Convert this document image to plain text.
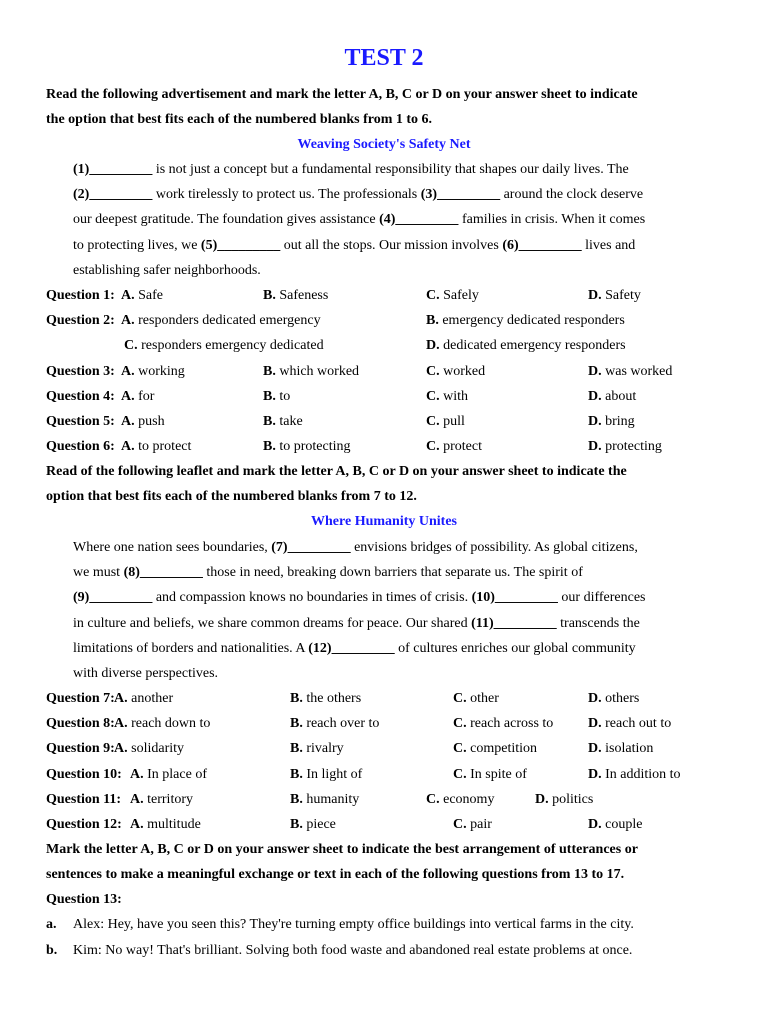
TEST 2
Read the following advertisement and mark the letter A, B, C or D on your answer sheet to indicate
the option that best fits each of the numbered blanks from 1 to 6.
Weaving Society's Safety Net
(1)_________ is not just a concept but a fundamental responsibility that shapes our daily lives. The
(2)_________ work tirelessly to protect us. The professionals (3)_________ around the clock deserve
our deepest gratitude. The foundation gives assistance (4)_________ families in crisis. When it comes
to protecting lives, we (5)_________ out all the stops. Our mission involves (6)_________ lives and
establishing safer neighborhoods.
Question 1: A. Safe	B. Safeness	C. Safely	D. Safety
Question 2: A. responders dedicated emergency	B. emergency dedicated responders
C. responders emergency dedicated	D. dedicated emergency responders
Question 3: A. working	B. which worked	C. worked	D. was worked
Question 4: A. for	B. to	C. with	D. about
Question 5: A. push	B. take	C. pull	D. bring
Question 6: A. to protect	B. to protecting	C. protect	D. protecting
Read of the following leaflet and mark the letter A, B, C or D on your answer sheet to indicate the
option that best fits each of the numbered blanks from 7 to 12.
Where Humanity Unites
Where one nation sees boundaries, (7)_________ envisions bridges of possibility. As global citizens,
we must (8)_________ those in need, breaking down barriers that separate us. The spirit of
(9)_________ and compassion knows no boundaries in times of crisis. (10)_________ our differences
in culture and beliefs, we share common dreams for peace. Our shared (11)_________ transcends the
limitations of borders and nationalities. A (12)_________ of cultures enriches our global community
with diverse perspectives.
Question 7: A. another	B. the others	C. other	D. others
Question 8: A. reach down to	B. reach over to	C. reach across to D. reach out to
Question 9: A. solidarity	B. rivalry	C. competition	D. isolation
Question 10: A. In place of	B. In light of	C. In spite of	D. In addition to
Question 11: A. territory	B. humanity	C. economy	D. politics
Question 12: A. multitude	B. piece	C. pair	D. couple
Mark the letter A, B, C or D on your answer sheet to indicate the best arrangement of utterances or
sentences to make a meaningful exchange or text in each of the following questions from 13 to 17.
Question 13:
a. Alex: Hey, have you seen this? They're turning empty office buildings into vertical farms in the city.
b. Kim: No way! That's brilliant. Solving both food waste and abandoned real estate problems at once.
